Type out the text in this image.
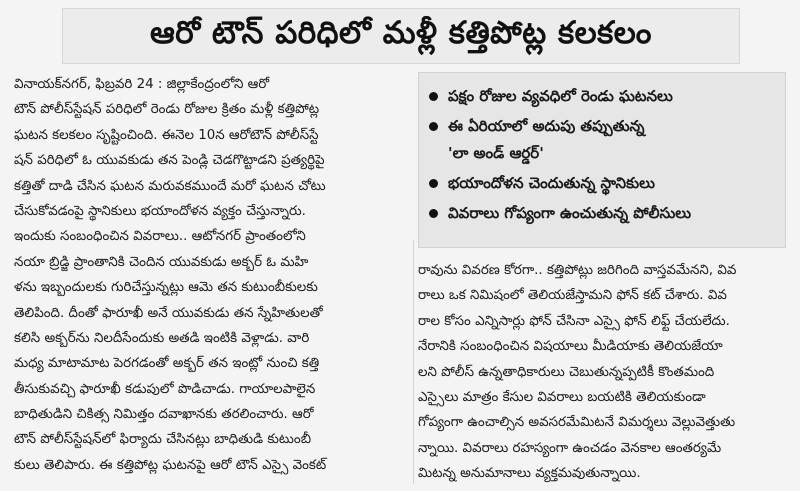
ఆరో టౌన్ పరిధిలో మళ్లీ కత్తిపోట్ల కలకలం

వినాయక్‌నగర్, ఫిబ్రవరి 24 : జిల్లాకేంద్రంలోని ఆరో

టౌన్ పోలీస్‌స్టేషన్ పరిధిలో రెండు రోజుల క్రితం మళ్లీ కత్తిపోట్ల

ఘటన కలకలం సృష్టించింది. ఈనెల 10న ఆరోటౌన్ పోలీస్‌స్టే

షన్ పరిధిలో ఓ యువకుడు తన పెండ్లి చెడగొట్టాడని ప్రత్యర్థిపై

కత్తితో దాడి చేసిన ఘటన మరువకముందే మరో ఘటన చోటు

చేసుకోవడంపై స్థానికులు భయాందోళన వ్యక్తం చేస్తున్నారు.

ఇందుకు సంబంధించిన వివరాలు.. ఆటోనగర్ ప్రాంతంలోని

నయా బ్రిడ్జి ప్రాంతానికి చెందిన యువకుడు అక్బర్ ఓ మహి

ళను ఇబ్బందులకు గురిచేస్తున్నట్లు ఆమె తన కుటుంబీకులకు

తెలిపింది. దీంతో ఫారూఖీ అనే యువకుడు తన స్నేహితులతో

కలిసి అక్బర్‌ను నిలదీసేందుకు అతడి ఇంటికి వెళ్లాడు. వారి

మధ్య మాటామాట పెరగడంతో అక్బర్ తన ఇంట్లో నుంచి కత్తి

తీసుకువచ్చి ఫారూఖీ కడుపులో పొడిచాడు. గాయాలపాలైన

బాధితుడిని చికిత్స నిమిత్తం దవాఖానకు తరలించారు. ఆరో

టౌన్ పోలీస్‌స్టేషన్‌లో ఫిర్యాదు చేసినట్లు బాధితుడి కుటుంబీ

కులు తెలిపారు. ఈ కత్తిపోట్ల ఘటనపై ఆరో టౌన్ ఎస్సై వెంకట్

పక్షం రోజుల వ్యవధిలో రెండు ఘటనలు
ఈ ఏరియాలో అదుపు తప్పుతున్న
'లా అండ్ ఆర్డర్'
భయాందోళన చెందుతున్న స్థానికులు
వివరాలు గోప్యంగా ఉంచుతున్న పోలీసులు

రావును వివరణ కోరగా.. కత్తిపోట్లు జరిగింది వాస్తవమేనని, వివ

రాలు ఒక నిమిషంలో తెలియజేస్తామని ఫోన్ కట్ చేశారు. వివ

రాల కోసం ఎన్నిసార్లు ఫోన్ చేసినా ఎస్సై ఫోన్ లిఫ్ట్ చేయలేదు.

నేరానికి సంబంధించిన విషయాలు మీడియాకు తెలియజేయా

లని పోలీస్ ఉన్నతాధికారులు చెబుతున్నప్పటికీ కొంతమంది

ఎస్సైలు మాత్రం కేసుల వివరాలు బయటికి తెలియకుండా

గోప్యంగా ఉంచాల్సిన అవసరమేమిటనే విమర్శలు వెల్లువెత్తుతు

న్నాయి. వివరాలు రహస్యంగా ఉంచడం వెనకాల ఆంతర్యమే

మిటన్న అనుమానాలు వ్యక్తమవుతున్నాయి.
